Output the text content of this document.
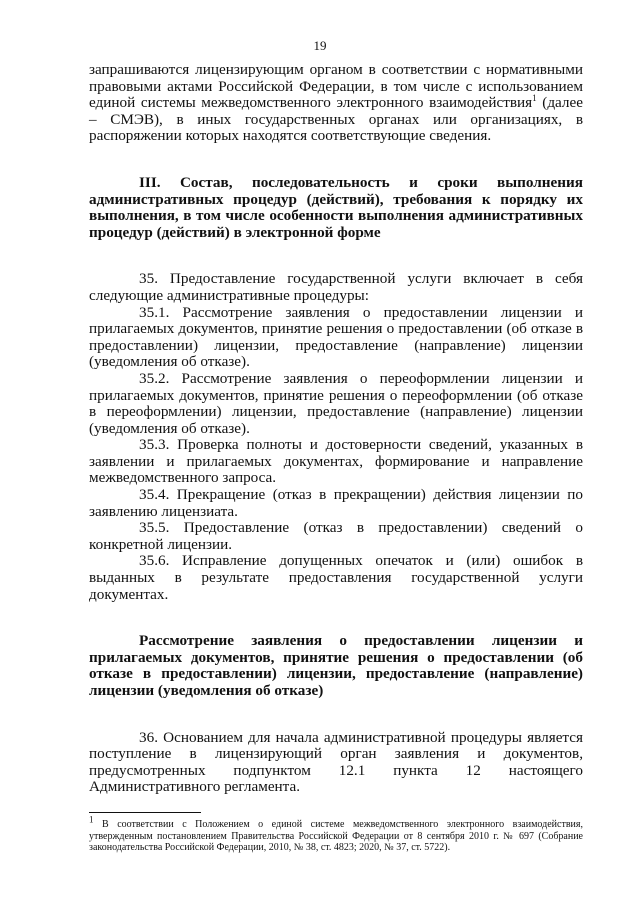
19

запрашиваются лицензирующим органом в соответствии с нормативными правовыми актами Российской Федерации, в том числе с использованием единой системы межведомственного электронного взаимодействия$^1$ (далее – СМЭВ), в иных государственных органах или организациях, в распоряжении которых находятся соответствующие сведения.

III. Состав, последовательность и сроки выполнения административных процедур (действий), требования к порядку их выполнения, в том числе особенности выполнения административных процедур (действий) в электронной форме

35. Предоставление государственной услуги включает в себя следующие административные процедуры:

35.1. Рассмотрение заявления о предоставлении лицензии и прилагаемых документов, принятие решения о предоставлении (об отказе в предоставлении) лицензии, предоставление (направление) лицензии (уведомления об отказе).

35.2. Рассмотрение заявления о переоформлении лицензии и прилагаемых документов, принятие решения о переоформлении (об отказе в переоформлении) лицензии, предоставление (направление) лицензии (уведомления об отказе).

35.3. Проверка полноты и достоверности сведений, указанных в заявлении и прилагаемых документах, формирование и направление межведомственного запроса.

35.4. Прекращение (отказ в прекращении) действия лицензии по заявлению лицензиата.

35.5. Предоставление (отказ в предоставлении) сведений о конкретной лицензии.

35.6. Исправление допущенных опечаток и (или) ошибок в выданных в результате предоставления государственной услуги документах.

Рассмотрение заявления о предоставлении лицензии и прилагаемых документов, принятие решения о предоставлении (об отказе в предоставлении) лицензии, предоставление (направление) лицензии (уведомления об отказе)

36. Основанием для начала административной процедуры является поступление в лицензирующий орган заявления и документов, предусмотренных подпунктом 12.1 пункта 12 настоящего Административного регламента.

$^1$ В соответствии с Положением о единой системе межведомственного электронного взаимодействия, утвержденным постановлением Правительства Российской Федерации от 8 сентября 2010 г. № 697 (Собрание законодательства Российской Федерации, 2010, № 38, ст. 4823; 2020, № 37, ст. 5722).
